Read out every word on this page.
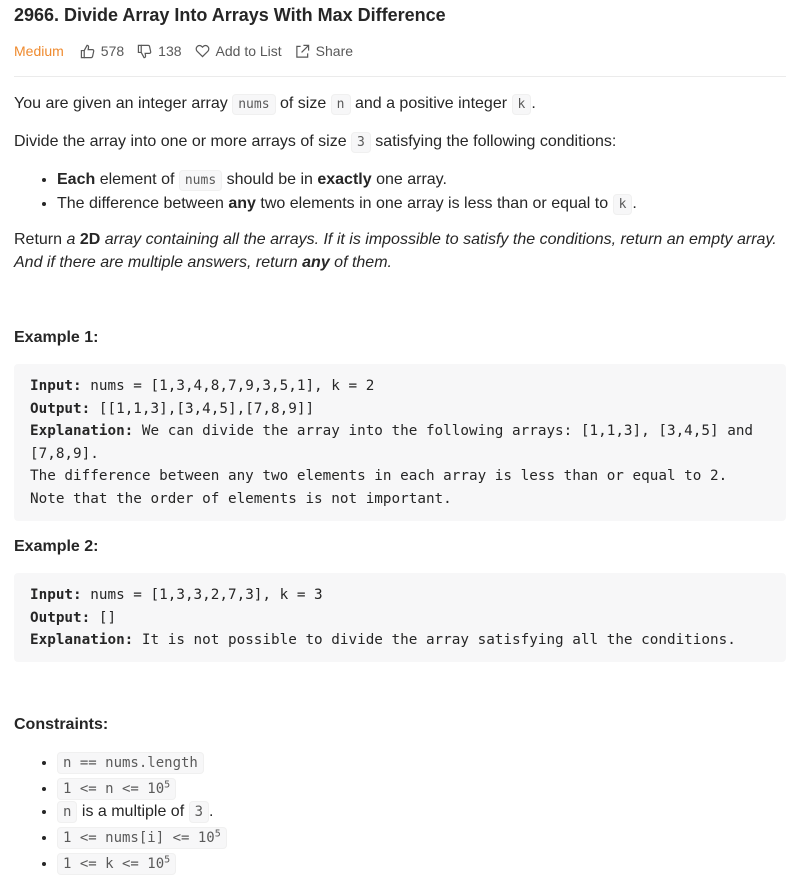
2966. Divide Array Into Arrays With Max Difference
Medium	578 138 Add to List Share
You are given an integer array nums of size n and a positive integer k .
Divide the array into one or more arrays of size 3 satisfying the following conditions:
• Each element of nums should be in exactly one array.
• The difference between any two elements in one array is less than or equal to k .
Return a 2D array containing all the arrays. If it is impossible to satisfy the conditions, return an empty array.
And if there are multiple answers, return any of them.
Example 1:
Input: nums = [1,3,4,8,7,9,3,5,1], k = 2
Output: [[1,1,3],[3,4,5],[7,8,9]]
Explanation: We can divide the array into the following arrays: [1,1,3], [3,4,5] and
[7,8,9].
The difference between any two elements in each array is less than or equal to 2.
Note that the order of elements is not important.
Example 2:
Input: nums = [1,3,3,2,7,3], k = 3
Output: []
Explanation: It is not possible to divide the array satisfying all the conditions.
Constraints:
• n == nums.length
• $1 <= n <= 10^5$
• n is a multiple of 3 .
• 1 <= nums[i] <= $10^5$
• $1 <= k <= 10^5$
